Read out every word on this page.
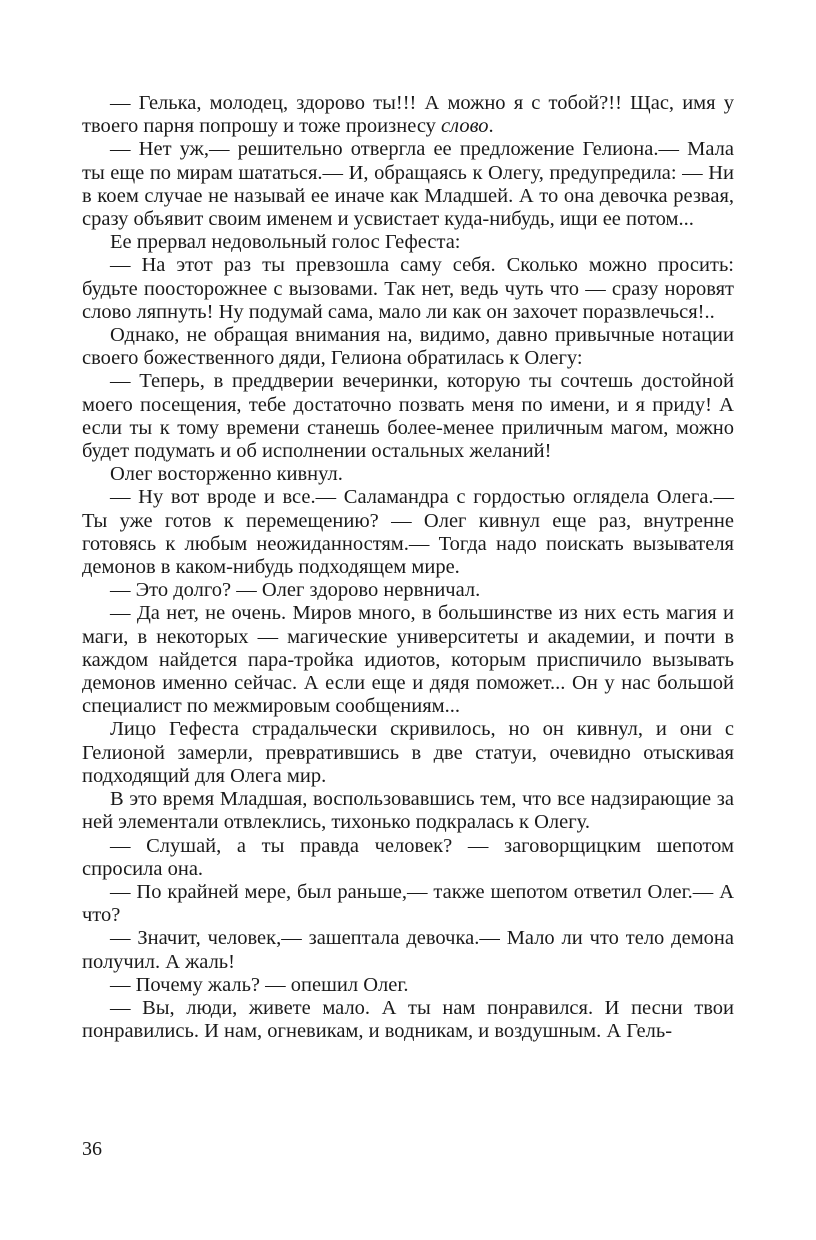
— Гелька, молодец, здорово ты!!! А можно я с тобой?!! Щас, имя у твоего парня попрошу и тоже произнесу слово.

— Нет уж,— решительно отвергла ее предложение Гелиона.— Мала ты еще по мирам шататься.— И, обращаясь к Олегу, предупредила: — Ни в коем случае не называй ее иначе как Младшей. А то она девочка резвая, сразу объявит своим именем и усвистает куда-нибудь, ищи ее потом...

Ее прервал недовольный голос Гефеста:

— На этот раз ты превзошла саму себя. Сколько можно просить: будьте поосторожнее с вызовами. Так нет, ведь чуть что — сразу норовят слово ляпнуть! Ну подумай сама, мало ли как он захочет поразвлечься!..

Однако, не обращая внимания на, видимо, давно привычные нотации своего божественного дяди, Гелиона обратилась к Олегу:

— Теперь, в преддверии вечеринки, которую ты сочтешь достойной моего посещения, тебе достаточно позвать меня по имени, и я приду! А если ты к тому времени станешь более-менее приличным магом, можно будет подумать и об исполнении остальных желаний!

Олег восторженно кивнул.

— Ну вот вроде и все.— Саламандра с гордостью оглядела Олега.— Ты уже готов к перемещению? — Олег кивнул еще раз, внутренне готовясь к любым неожиданностям.— Тогда надо поискать вызывателя демонов в каком-нибудь подходящем мире.

— Это долго? — Олег здорово нервничал.

— Да нет, не очень. Миров много, в большинстве из них есть магия и маги, в некоторых — магические университеты и академии, и почти в каждом найдется пара-тройка идиотов, которым приспичило вызывать демонов именно сейчас. А если еще и дядя поможет... Он у нас большой специалист по межмировым сообщениям...

Лицо Гефеста страдальчески скривилось, но он кивнул, и они с Гелионой замерли, превратившись в две статуи, очевидно отыскивая подходящий для Олега мир.

В это время Младшая, воспользовавшись тем, что все надзирающие за ней элементали отвлеклись, тихонько подкралась к Олегу.

— Слушай, а ты правда человек? — заговорщицким шепотом спросила она.

— По крайней мере, был раньше,— также шепотом ответил Олег.— А что?

— Значит, человек,— зашептала девочка.— Мало ли что тело демона получил. А жаль!

— Почему жаль? — опешил Олег.

— Вы, люди, живете мало. А ты нам понравился. И песни твои понравились. И нам, огневикам, и водникам, и воздушным. А Гель-

36
